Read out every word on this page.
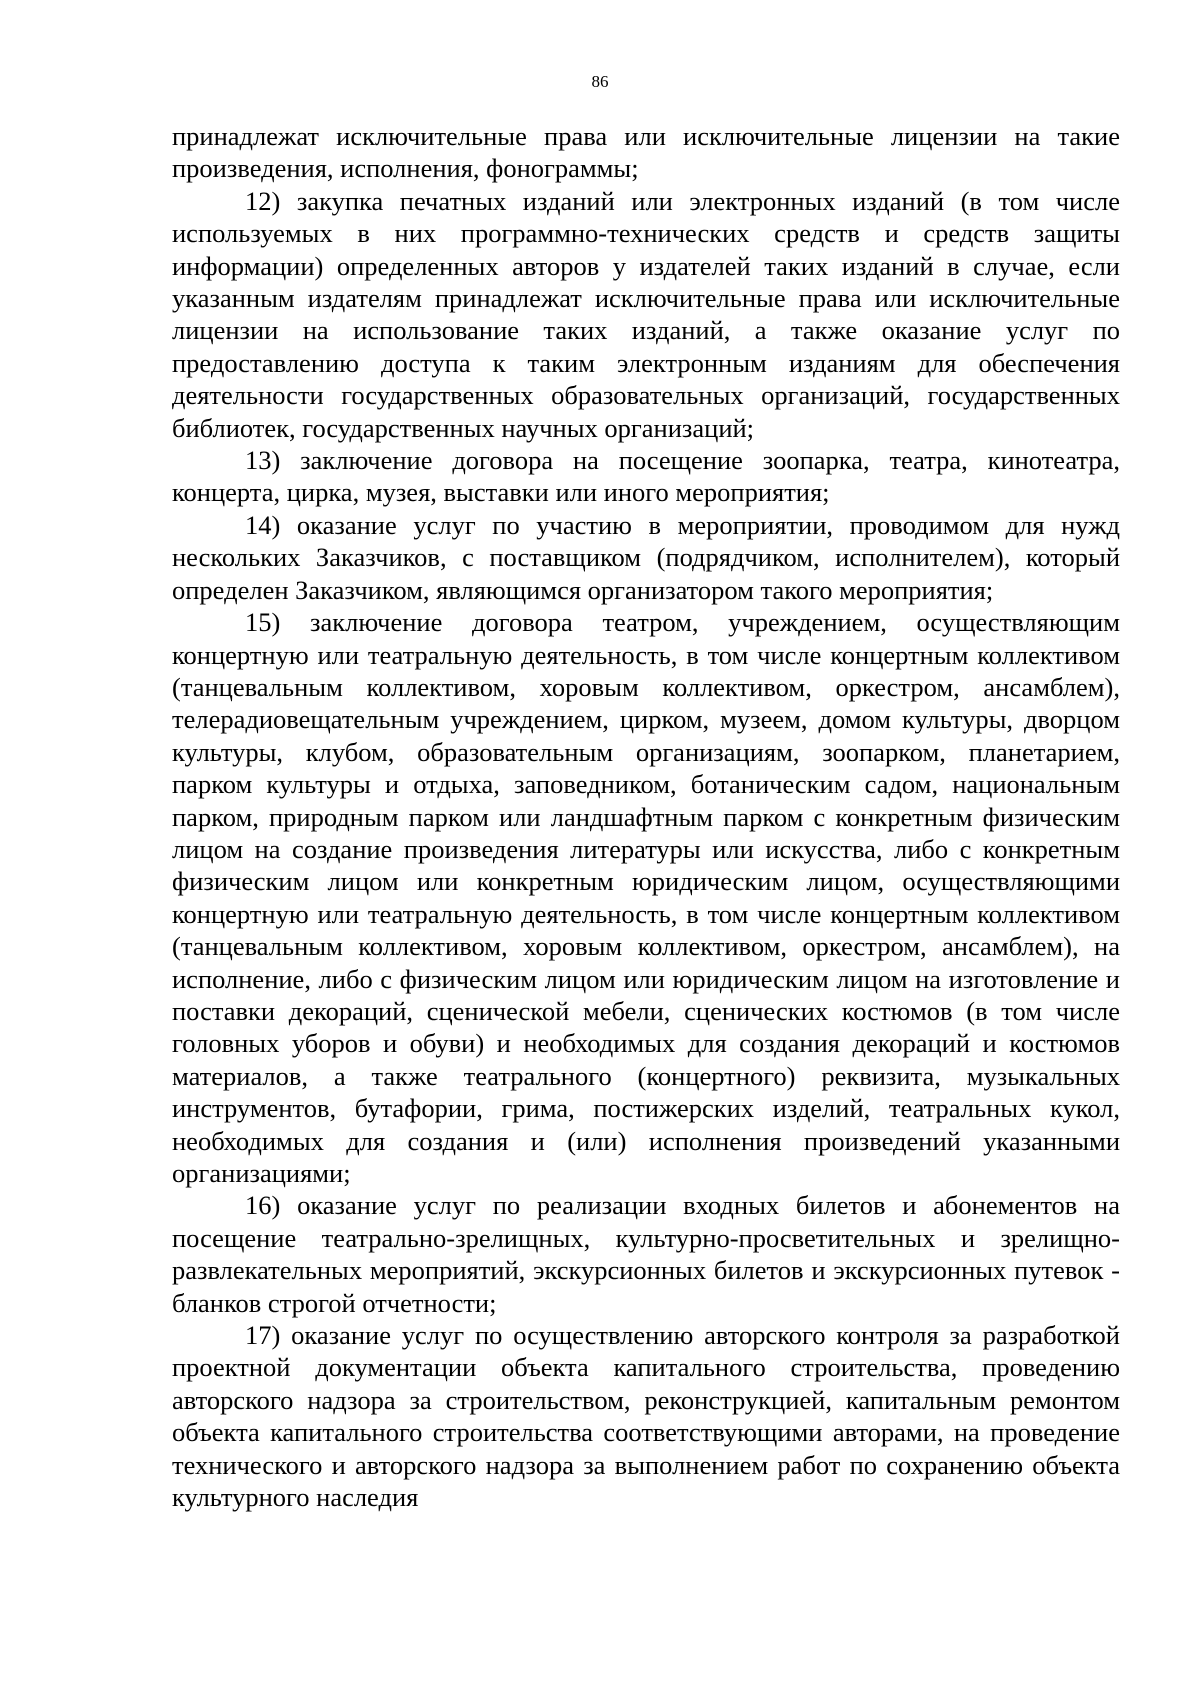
86

принадлежат исключительные права или исключительные лицензии на такие произведения, исполнения, фонограммы;

12) закупка печатных изданий или электронных изданий (в том числе используемых в них программно-технических средств и средств защиты информации) определенных авторов у издателей таких изданий в случае, если указанным издателям принадлежат исключительные права или исключительные лицензии на использование таких изданий, а также оказание услуг по предоставлению доступа к таким электронным изданиям для обеспечения деятельности государственных образовательных организаций, государственных библиотек, государственных научных организаций;

13) заключение договора на посещение зоопарка, театра, кинотеатра, концерта, цирка, музея, выставки или иного мероприятия;

14) оказание услуг по участию в мероприятии, проводимом для нужд нескольких Заказчиков, с поставщиком (подрядчиком, исполнителем), который определен Заказчиком, являющимся организатором такого мероприятия;

15) заключение договора театром, учреждением, осуществляющим концертную или театральную деятельность, в том числе концертным коллективом (танцевальным коллективом, хоровым коллективом, оркестром, ансамблем), телерадиовещательным учреждением, цирком, музеем, домом культуры, дворцом культуры, клубом, образовательным организациям, зоопарком, планетарием, парком культуры и отдыха, заповедником, ботаническим садом, национальным парком, природным парком или ландшафтным парком с конкретным физическим лицом на создание произведения литературы или искусства, либо с конкретным физическим лицом или конкретным юридическим лицом, осуществляющими концертную или театральную деятельность, в том числе концертным коллективом (танцевальным коллективом, хоровым коллективом, оркестром, ансамблем), на исполнение, либо с физическим лицом или юридическим лицом на изготовление и поставки декораций, сценической мебели, сценических костюмов (в том числе головных уборов и обуви) и необходимых для создания декораций и костюмов материалов, а также театрального (концертного) реквизита, музыкальных инструментов, бутафории, грима, постижерских изделий, театральных кукол, необходимых для создания и (или) исполнения произведений указанными организациями;

16) оказание услуг по реализации входных билетов и абонементов на посещение театрально-зрелищных, культурно-просветительных и зрелищно-развлекательных мероприятий, экскурсионных билетов и экскурсионных путевок - бланков строгой отчетности;

17) оказание услуг по осуществлению авторского контроля за разработкой проектной документации объекта капитального строительства, проведению авторского надзора за строительством, реконструкцией, капитальным ремонтом объекта капитального строительства соответствующими авторами, на проведение технического и авторского надзора за выполнением работ по сохранению объекта культурного наследия
